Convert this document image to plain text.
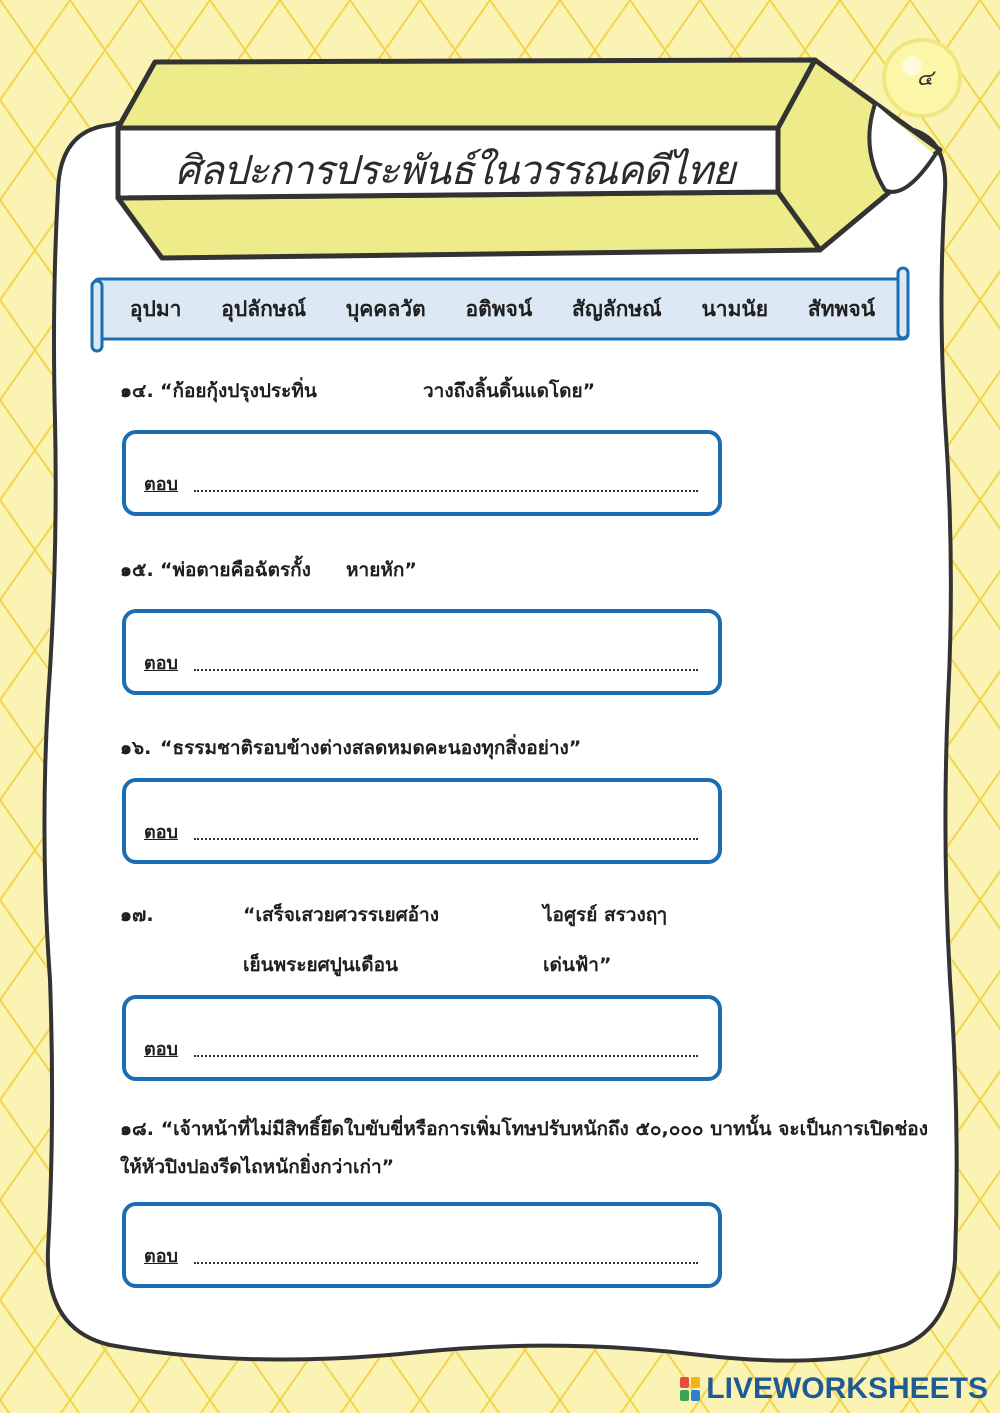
ศิลปะการประพันธ์ในวรรณคดีไทย
๔
อุปมา อุปลักษณ์ บุคคลวัต อติพจน์ สัญลักษณ์ นามนัย สัทพจน์
๑๔. “ก้อยกุ้งปรุงประทิ่น	วางถึงลิ้นดิ้นแดโดย”
ตอบ
๑๕. “พ่อตายคือฉัตรกั้ง หายหัก”
ตอบ
๑๖. “ธรรมชาติรอบข้างต่างสลดหมดคะนองทุกสิ่งอย่าง”
ตอบ
๑๗.	“เสร็จเสวยศวรรเยศอ้าง	ไอศูรย์ สรวงฤๅ
เย็นพระยศปูนเดือน	เด่นฟ้า”
ตอบ
๑๘. “เจ้าหน้าที่ไม่มีสิทธิ์ยึดใบขับขี่หรือการเพิ่มโทษปรับหนักถึง ๕๐,๐๐๐ บาทนั้น จะเป็นการเปิดช่องให้หัวปิงปองรีดไถหนักยิ่งกว่าเก่า”
ตอบ
LIVEWORKSHEETS
